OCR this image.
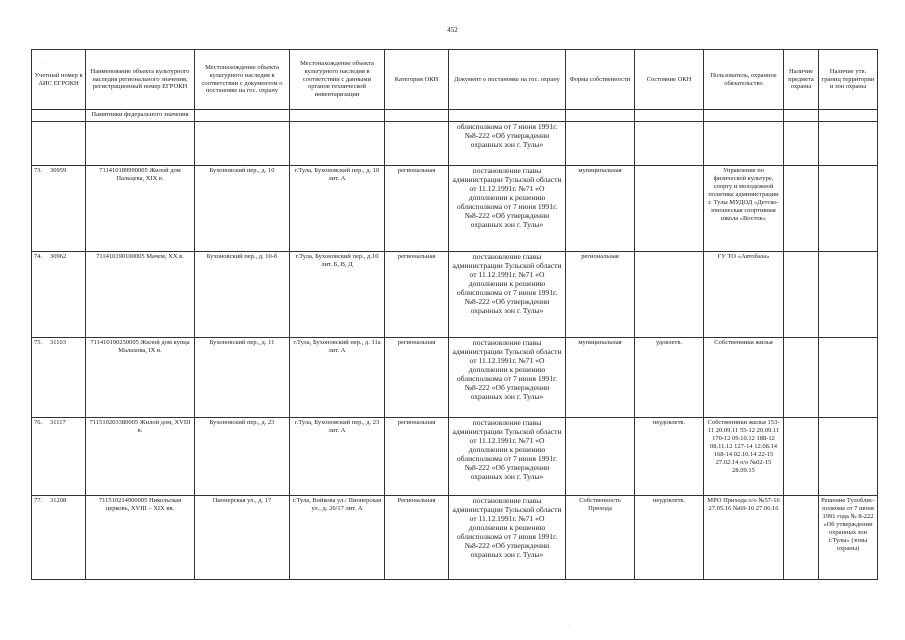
452
·
·
Учетный номер в АИС ЕГРОКН	Наименование объекта культурного наследия регионального значения, регистрационный номер ЕГРОКН	Местонахождение объекта культурного наследия в соответствии с документом о постановке на гос. охрану	Местонахождение объекта культурного наследия в соответствии с данными органов технической инвентаризации	Категория ОКН	Документ о постановке на гос. охрану	Форма собственности	Состояние ОКН	Пользователь, охранное обязательство	Наличие предмета охраны	Наличие утв. границ территории и зон охраны
	Памятники федерального значения									
					облисполкома от 7 июня 1991г. №8-222 «Об утверждении охранных зон г. Тулы»					
73. 30959	711410189990005 Жилой дом Пальцева, XIX в.	Бухоновский пер., д. 10	г.Тула, Бухоновский пер., д. 10 лит. А	региональная	постановление главы администрации Тульской области от 11.12.1991г. №71 «О дополнении к решению облисполкома от 7 июня 1991г. №8-222 «Об утверждении охранных зон г. Тулы»	муниципальная		Управление по физической культуре, спорту и молодежной политике администрации г. Тулы МУДОД «Детско-юношеская спортивная школа «Восток»		
74. 30962	711410190100005 Мачем, XX в.	Бухоновский пер., д. 10-б	г.Тула, Бухоновский пер., д.10 лит. Б, В, Д	региональная	постановление главы администрации Тульской области от 11.12.1991г. №71 «О дополнении к решению облисполкома от 7 июня 1991г. №8-222 «Об утверждении охранных зон г. Тулы»	региональная		ГУ ТО «Автобаза»		
75. 31103	711410190250005 Жилой дом купца Малахова, IX в.	Бухоновский пер., д. 11	г.Тула, Бухоновский пер., д. 11а лит. А	региональная	постановление главы администрации Тульской области от 11.12.1991г. №71 «О дополнении к решению облисполкома от 7 июня 1991г. №8-222 «Об утверждении охранных зон г. Тулы»	муниципальная	удовлетв.	Собственники жилья		
76. 31117	711510203380005 Жилой дом, XVIII в.	Бухоновский пер., д. 23	г.Тула, Бухоновский пер., д. 23 лит. А	региональная	постановление главы администрации Тульской области от 11.12.1991г. №71 «О дополнении к решению облисполкома от 7 июня 1991г. №8-222 «Об утверждении охранных зон г. Тулы»		неудовлетв.	Собственники жилья 153-11 20.09.11 55-12 20.09.11 170-12 09.10.12 188-12 08.11.12 127-14 12.08.14 168-14 02.10.14 22-15 27.02.14 о/о №02-15 28.09.15		
77. 31208	711510214900005 Никольская церковь, XVIII – XIX вв.	Пионерская ул., д. 17	г.Тула, Войкова ул./ Пионерская ул., д. 26/17 лит. А	Региональная	постановление главы администрации Тульской области от 11.12.1991г. №71 «О дополнении к решению облисполкома от 7 июня 1991г. №8-222 «Об утверждении охранных зон г. Тулы»	Собственность Прихода	неудовлетв.	МРО Прихода о/о №57-16 27.05.16 №69-16 27.06.16		Решение Тулоблис-полкома от 7 июня 1991 года № 8-222 «Об утверждении охранных зон г.Тулы» (зоны охраны)
